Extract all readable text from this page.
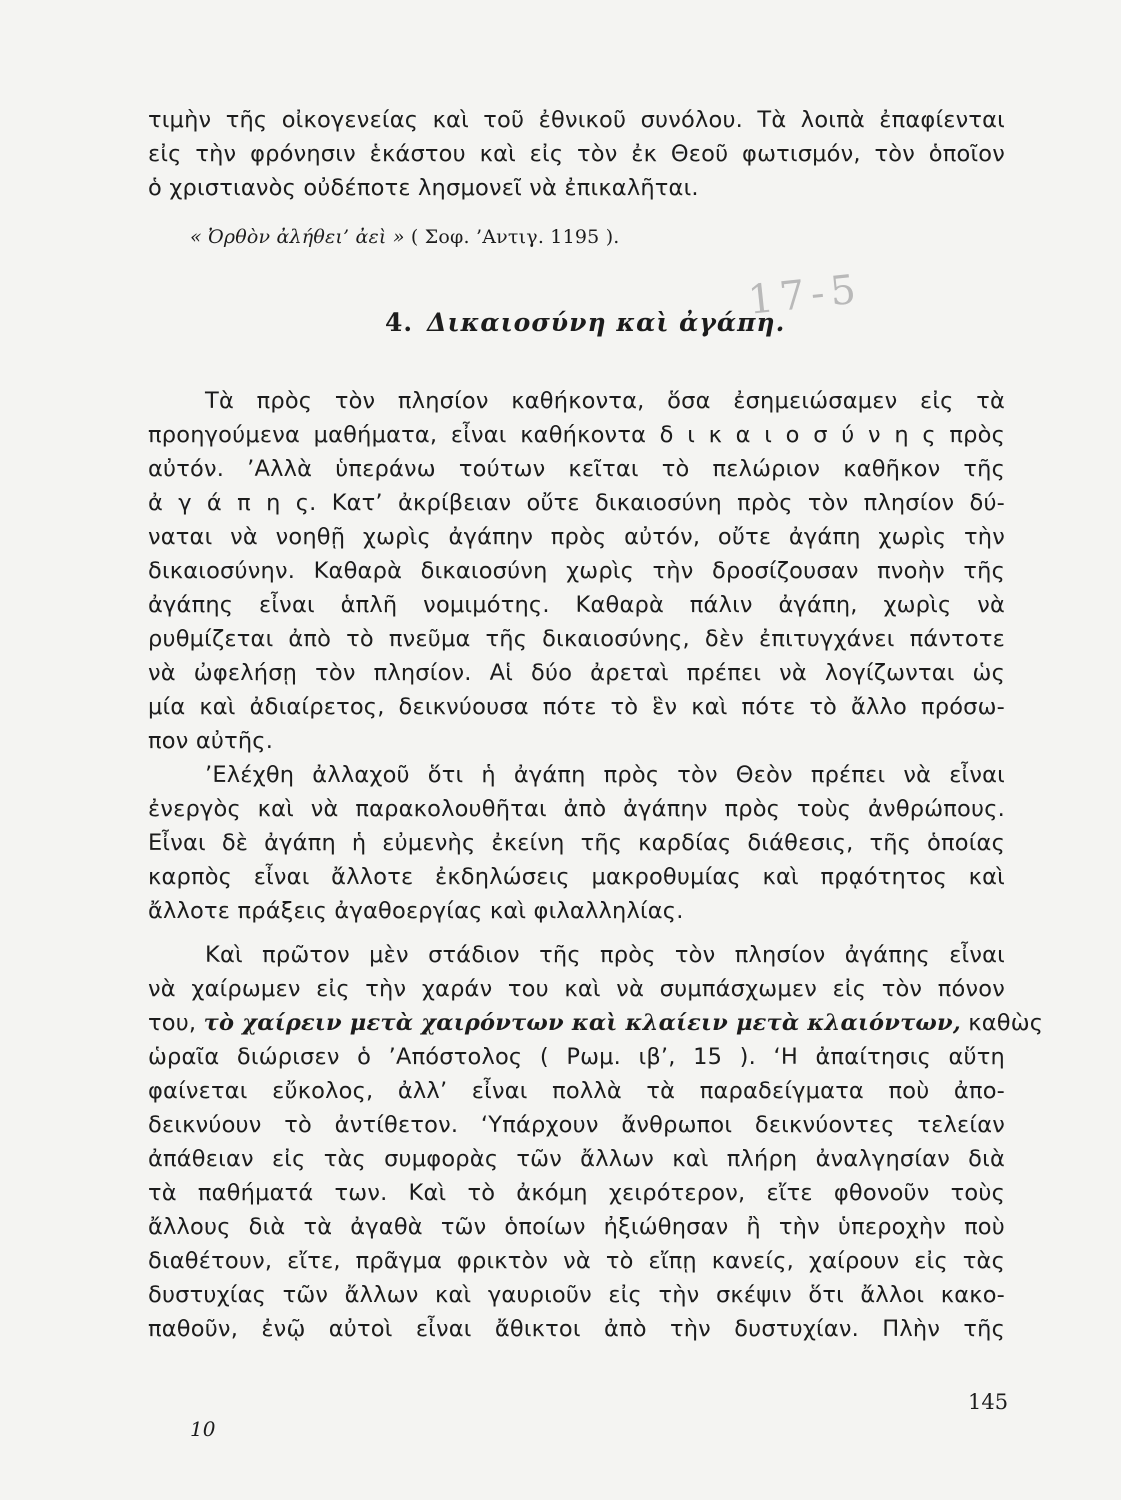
τιμὴν τῆς οἰκογενείας καὶ τοῦ ἐθνικοῦ συνόλου. Τὰ λοιπὰ ἐπαφίενται
εἰς τὴν φρόνησιν ἑκάστου καὶ εἰς τὸν ἐκ Θεοῦ φωτισμόν, τὸν ὁποῖον
ὁ χριστιανὸς οὐδέποτε λησμονεῖ νὰ ἐπικαλῆται.
« Ὀρθὸν ἀλήθει’ ἀεὶ » ( Σοφ. ’Αντιγ. 1195 ).
4. Δικαιοσύνη καὶ ἀγάπη.
17-5
Τὰ πρὸς τὸν πλησίον καθήκοντα, ὅσα ἐσημειώσαμεν εἰς τὰ
προηγούμενα μαθήματα, εἶναι καθήκοντα δ ι κ α ι ο σ ύ ν η ς πρὸς
αὐτόν. ’Αλλὰ ὑπεράνω τούτων κεῖται τὸ πελώριον καθῆκον τῆς
ἀ γ ά π η ς. Κατ’ ἀκρίβειαν οὔτε δικαιοσύνη πρὸς τὸν πλησίον δύ-
ναται νὰ νοηθῇ χωρὶς ἀγάπην πρὸς αὐτόν, οὔτε ἀγάπη χωρὶς τὴν
δικαιοσύνην. Καθαρὰ δικαιοσύνη χωρὶς τὴν δροσίζουσαν πνοὴν τῆς
ἀγάπης εἶναι ἁπλῆ νομιμότης. Καθαρὰ πάλιν ἀγάπη, χωρὶς νὰ
ρυθμίζεται ἀπὸ τὸ πνεῦμα τῆς δικαιοσύνης, δὲν ἐπιτυγχάνει πάντοτε
νὰ ὠφελήσῃ τὸν πλησίον. Αἱ δύο ἀρεταὶ πρέπει νὰ λογίζωνται ὡς
μία καὶ ἀδιαίρετος, δεικνύουσα πότε τὸ ἓν καὶ πότε τὸ ἄλλο πρόσω-
πον αὐτῆς.
’Ελέχθη ἀλλαχοῦ ὅτι ἡ ἀγάπη πρὸς τὸν Θεὸν πρέπει νὰ εἶναι
ἐνεργὸς καὶ νὰ παρακολουθῆται ἀπὸ ἀγάπην πρὸς τοὺς ἀνθρώπους.
Εἶναι δὲ ἀγάπη ἡ εὐμενὴς ἐκείνη τῆς καρδίας διάθεσις, τῆς ὁποίας
καρπὸς εἶναι ἄλλοτε ἐκδηλώσεις μακροθυμίας καὶ πρᾳότητος καὶ
ἄλλοτε πράξεις ἀγαθοεργίας καὶ φιλαλληλίας.
Καὶ πρῶτον μὲν στάδιον τῆς πρὸς τὸν πλησίον ἀγάπης εἶναι
νὰ χαίρωμεν εἰς τὴν χαράν του καὶ νὰ συμπάσχωμεν εἰς τὸν πόνον
του, τὸ χαίρειν μετὰ χαιρόντων καὶ κλαίειν μετὰ κλαιόντων, καθὼς
ὡραῖα διώρισεν ὁ ’Απόστολος ( Ρωμ. ιβ’, 15 ). ‘Η ἀπαίτησις αὕτη
φαίνεται εὔκολος, ἀλλ’ εἶναι πολλὰ τὰ παραδείγματα ποὺ ἀπο-
δεικνύουν τὸ ἀντίθετον. ‘Υπάρχουν ἄνθρωποι δεικνύοντες τελείαν
ἀπάθειαν εἰς τὰς συμφορὰς τῶν ἄλλων καὶ πλήρη ἀναλγησίαν διὰ
τὰ παθήματά των. Καὶ τὸ ἀκόμη χειρότερον, εἴτε φθονοῦν τοὺς
ἄλλους διὰ τὰ ἀγαθὰ τῶν ὁποίων ἠξιώθησαν ἢ τὴν ὑπεροχὴν ποὺ
διαθέτουν, εἴτε, πρᾶγμα φρικτὸν νὰ τὸ εἴπῃ κανείς, χαίρουν εἰς τὰς
δυστυχίας τῶν ἄλλων καὶ γαυριοῦν εἰς τὴν σκέψιν ὅτι ἄλλοι κακο-
παθοῦν, ἐνῷ αὐτοὶ εἶναι ἄθικτοι ἀπὸ τὴν δυστυχίαν. Πλὴν τῆς
145
10
